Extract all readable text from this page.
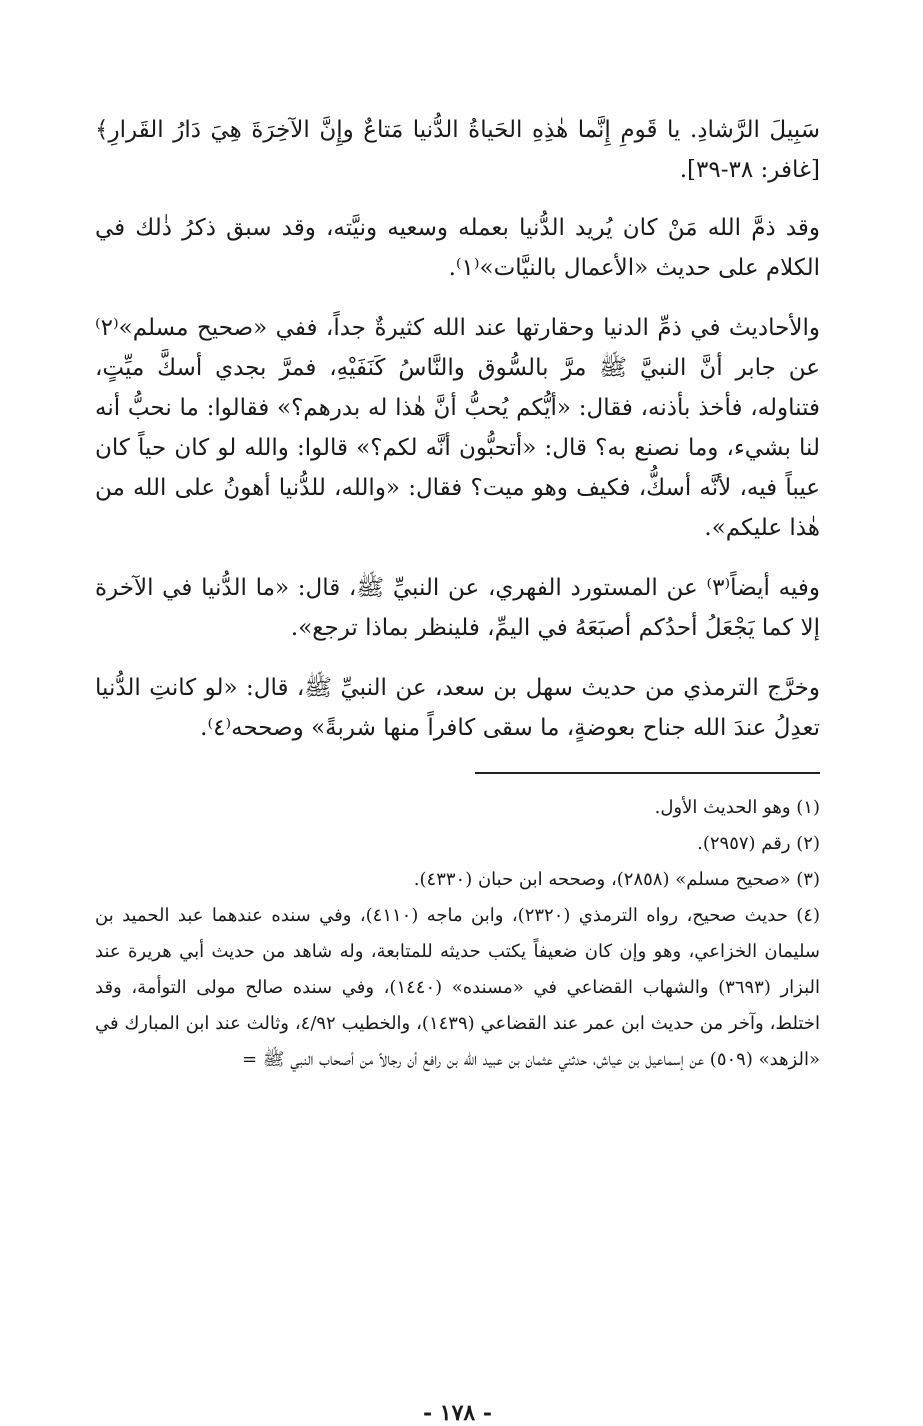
سَبِيلَ الرَّشادِ. يا قَومِ إِنَّما هٰذِهِ الحَياةُ الدُّنيا مَتاعٌ وإِنَّ الآخِرَةَ هِيَ دَارُ القَرارِ﴾ [غافر: ٣٨-٣٩].

وقد ذمَّ الله مَنْ كان يُريد الدُّنيا بعمله وسعيه ونيَّته، وقد سبق ذكرُ ذٰلك في الكلام على حديث «الأعمال بالنيَّات»⁽١⁾.

والأحاديث في ذمِّ الدنيا وحقارتها عند الله كثيرةٌ جداً، ففي «صحيح مسلم»⁽٢⁾ عن جابر أنَّ النبيَّ ﷺ مرَّ بالسُّوق والنَّاسُ كَنَفَيْهِ، فمرَّ بجدي أسكَّ ميِّتٍ، فتناوله، فأخذ بأذنه، فقال: «أيُّكم يُحبُّ أنَّ هٰذا له بدرهم؟» فقالوا: ما نحبُّ أنه لنا بشيء، وما نصنع به؟ قال: «أتحبُّون أنَّه لكم؟» قالوا: والله لو كان حياً كان عيباً فيه، لأنَّه أسكُّ، فكيف وهو ميت؟ فقال: «والله، للدُّنيا أهونُ على الله من هٰذا عليكم».

وفيه أيضاً⁽٣⁾ عن المستورد الفهري، عن النبيِّ ﷺ، قال: «ما الدُّنيا في الآخرة إلا كما يَجْعَلُ أحدُكم أصبَعَهُ في اليمِّ، فلينظر بماذا ترجع».

وخرَّج الترمذي من حديث سهل بن سعد، عن النبيِّ ﷺ، قال: «لو كانتِ الدُّنيا تعدِلُ عندَ الله جناح بعوضةٍ، ما سقى كافراً منها شربةً» وصححه⁽٤⁾.

(١) وهو الحديث الأول.

(٢) رقم (٢٩٥٧).

(٣) «صحيح مسلم» (٢٨٥٨)، وصححه ابن حبان (٤٣٣٠).

(٤) حديث صحيح، رواه الترمذي (٢٣٢٠)، وابن ماجه (٤١١٠)، وفي سنده عندهما عبد الحميد بن سليمان الخزاعي، وهو وإن كان ضعيفاً يكتب حديثه للمتابعة، وله شاهد من حديث أبي هريرة عند البزار (٣٦٩٣) والشهاب القضاعي في «مسنده» (١٤٤٠)، وفي سنده صالح مولى التوأمة، وقد اختلط، وآخر من حديث ابن عمر عند القضاعي (١٤٣٩)، والخطيب ٤/٩٢، وثالث عند ابن المبارك في «الزهد» (٥٠٩) عن إسماعيل بن عياش، حدثني عثمان بن عبيد الله بن رافع أن رجالاً من أصحاب النبي ﷺ =

- ١٧٨ -
